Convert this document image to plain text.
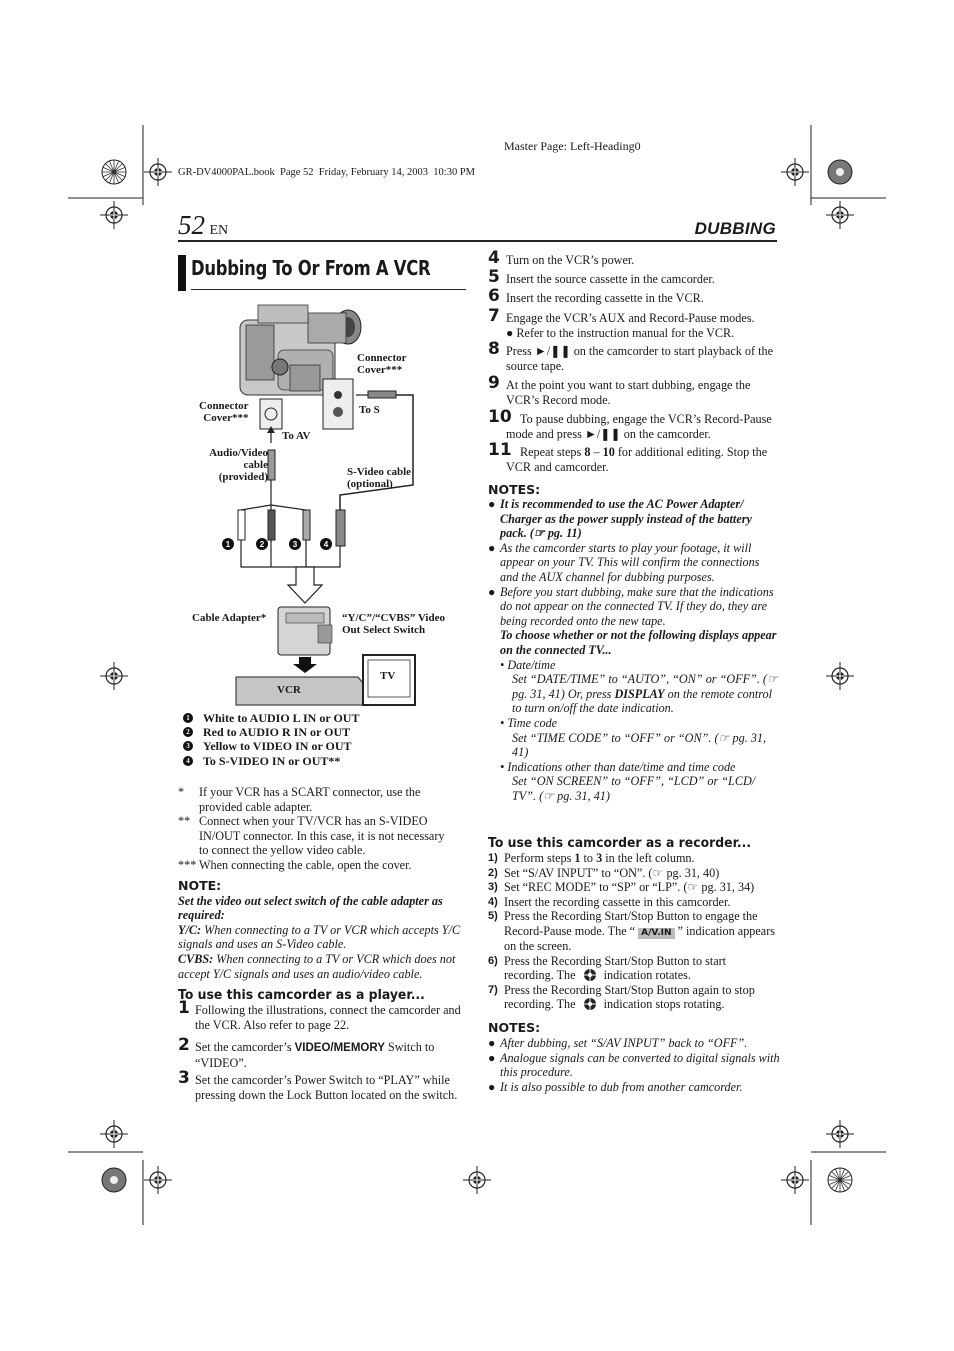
Master Page: Left-Heading0
GR-DV4000PAL.book  Page 52  Friday, February 14, 2003  10:30 PM
52 EN	DUBBING
Dubbing To Or From A VCR
1	2	3	4
Connector
Cover***
To S
Connector
Cover***
To AV
Audio/Video
cable
(provided)	S-Video cable
(optional)
Cable Adapter*	“Y/C”/“CVBS” Video
Out Select Switch
VCR
TV
1 White to AUDIO L IN or OUT
2 Red to AUDIO R IN or OUT
3 Yellow to VIDEO IN or OUT
4 To S-VIDEO IN or OUT**
* If your VCR has a SCART connector, use the provided cable adapter.
** Connect when your TV/VCR has an S-VIDEO IN/OUT connector. In this case, it is not necessary to connect the yellow video cable.
*** When connecting the cable, open the cover.
NOTE:
Set the video out select switch of the cable adapter as required:
Y/C: When connecting to a TV or VCR which accepts Y/C signals and uses an S-Video cable.
CVBS: When connecting to a TV or VCR which does not accept Y/C signals and uses an audio/video cable.
To use this camcorder as a player...
1 Following the illustrations, connect the camcorder and the VCR. Also refer to page 22.
2 Set the camcorder’s VIDEO/MEMORY Switch to “VIDEO”.
3 Set the camcorder’s Power Switch to “PLAY” while pressing down the Lock Button located on the switch.
4 Turn on the VCR’s power.
5 Insert the source cassette in the camcorder.
6 Insert the recording cassette in the VCR.
7 Engage the VCR’s AUX and Record-Pause modes.
● Refer to the instruction manual for the VCR.
8 Press ►/❚❚ on the camcorder to start playback of the source tape.
9 At the point you want to start dubbing, engage the VCR’s Record mode.
10 To pause dubbing, engage the VCR’s Record-Pause mode and press ►/❚❚ on the camcorder.
11 Repeat steps 8 – 10 for additional editing. Stop the VCR and camcorder.
NOTES:
● It is recommended to use the AC Power Adapter/ Charger as the power supply instead of the battery pack. (☞ pg. 11)
● As the camcorder starts to play your footage, it will appear on your TV. This will confirm the connections and the AUX channel for dubbing purposes.
● Before you start dubbing, make sure that the indications do not appear on the connected TV. If they do, they are being recorded onto the new tape.
To choose whether or not the following displays appear on the connected TV...
• Date/time
Set “DATE/TIME” to “AUTO”, “ON” or “OFF”. (☞ pg. 31, 41) Or, press DISPLAY on the remote control to turn on/off the date indication.
• Time code
Set “TIME CODE” to “OFF” or “ON”. (☞ pg. 31, 41)
• Indications other than date/time and time code
Set “ON SCREEN” to “OFF”, “LCD” or “LCD/ TV”. (☞ pg. 31, 41)
To use this camcorder as a recorder...
1) Perform steps 1 to 3 in the left column.
2) Set “S/AV INPUT” to “ON”. (☞ pg. 31, 40)
3) Set “REC MODE” to “SP” or “LP”. (☞ pg. 31, 34)
4) Insert the recording cassette in this camcorder.
5) Press the Recording Start/Stop Button to engage the Record-Pause mode. The “ A/V.IN ” indication appears on the screen.
6) Press the Recording Start/Stop Button to start recording. The  indication rotates.
7) Press the Recording Start/Stop Button again to stop recording. The  indication stops rotating.
NOTES:
● After dubbing, set “S/AV INPUT” back to “OFF”.
● Analogue signals can be converted to digital signals with this procedure.
● It is also possible to dub from another camcorder.
